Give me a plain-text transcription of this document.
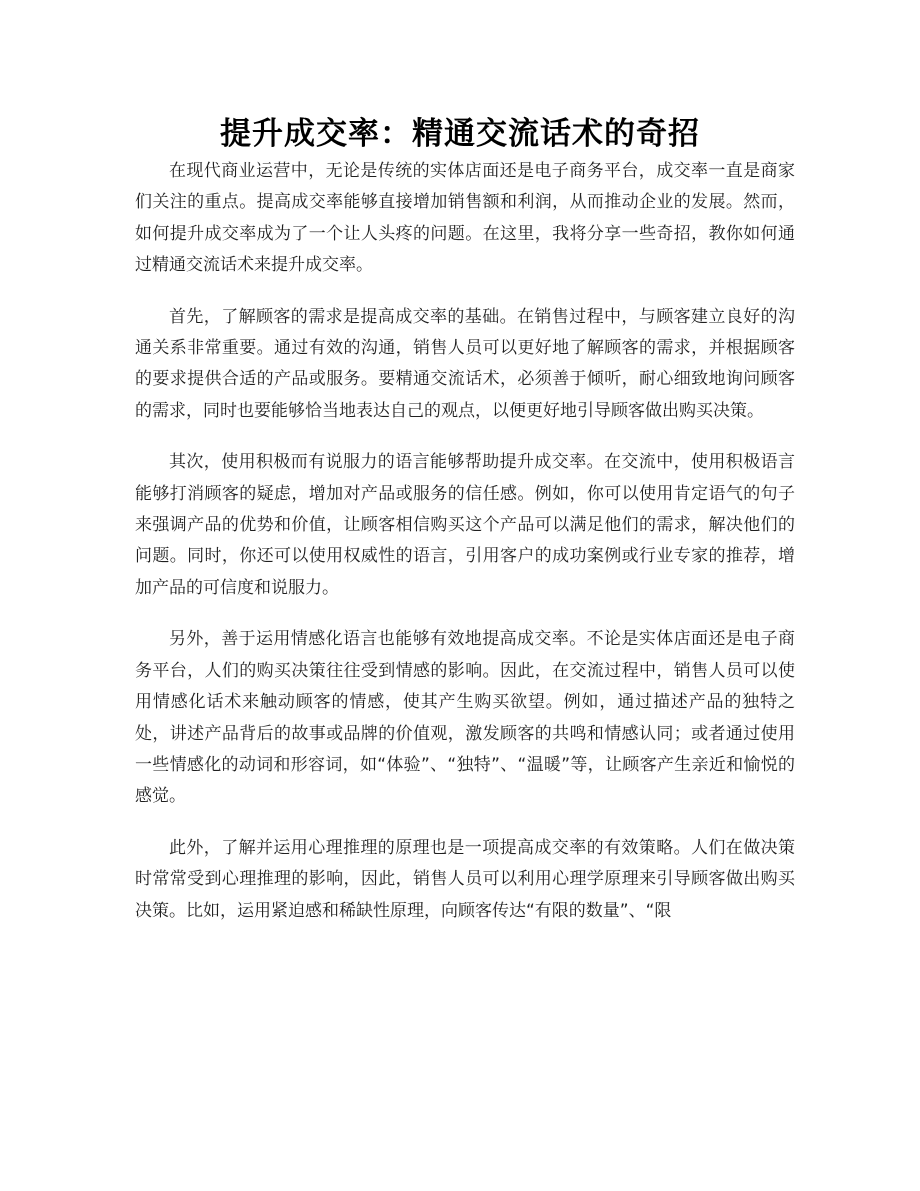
提升成交率：精通交流话术的奇招

在现代商业运营中，无论是传统的实体店面还是电子商务平台，成交率一直是商家们关注的重点。提高成交率能够直接增加销售额和利润，从而推动企业的发展。然而，如何提升成交率成为了一个让人头疼的问题。在这里，我将分享一些奇招，教你如何通过精通交流话术来提升成交率。

首先，了解顾客的需求是提高成交率的基础。在销售过程中，与顾客建立良好的沟通关系非常重要。通过有效的沟通，销售人员可以更好地了解顾客的需求，并根据顾客的要求提供合适的产品或服务。要精通交流话术，必须善于倾听，耐心细致地询问顾客的需求，同时也要能够恰当地表达自己的观点，以便更好地引导顾客做出购买决策。

其次，使用积极而有说服力的语言能够帮助提升成交率。在交流中，使用积极语言能够打消顾客的疑虑，增加对产品或服务的信任感。例如，你可以使用肯定语气的句子来强调产品的优势和价值，让顾客相信购买这个产品可以满足他们的需求，解决他们的问题。同时，你还可以使用权威性的语言，引用客户的成功案例或行业专家的推荐，增加产品的可信度和说服力。

另外，善于运用情感化语言也能够有效地提高成交率。不论是实体店面还是电子商务平台，人们的购买决策往往受到情感的影响。因此，在交流过程中，销售人员可以使用情感化话术来触动顾客的情感，使其产生购买欲望。例如，通过描述产品的独特之处，讲述产品背后的故事或品牌的价值观，激发顾客的共鸣和情感认同；或者通过使用一些情感化的动词和形容词，如“体验”、“独特”、“温暖”等，让顾客产生亲近和愉悦的感觉。

此外，了解并运用心理推理的原理也是一项提高成交率的有效策略。人们在做决策时常常受到心理推理的影响，因此，销售人员可以利用心理学原理来引导顾客做出购买决策。比如，运用紧迫感和稀缺性原理，向顾客传达“有限的数量”、“限
